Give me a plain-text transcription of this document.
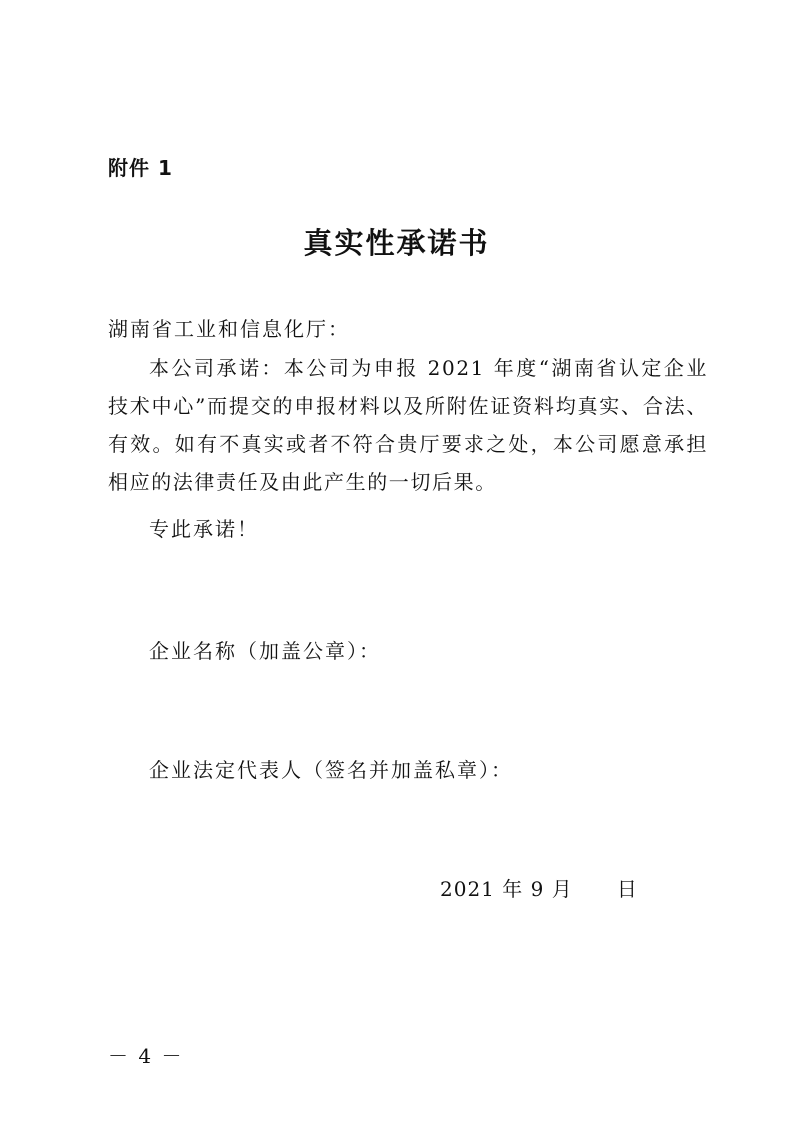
附件 1
真实性承诺书
湖南省工业和信息化厅：
本公司承诺：本公司为申报 2021 年度“湖南省认定企业技术中心”而提交的申报材料以及所附佐证资料均真实、合法、有效。如有不真实或者不符合贵厅要求之处，本公司愿意承担相应的法律责任及由此产生的一切后果。
专此承诺！
企业名称（加盖公章）：
企业法定代表人（签名并加盖私章）：
2021 年 9 月      日
－ 4 －
